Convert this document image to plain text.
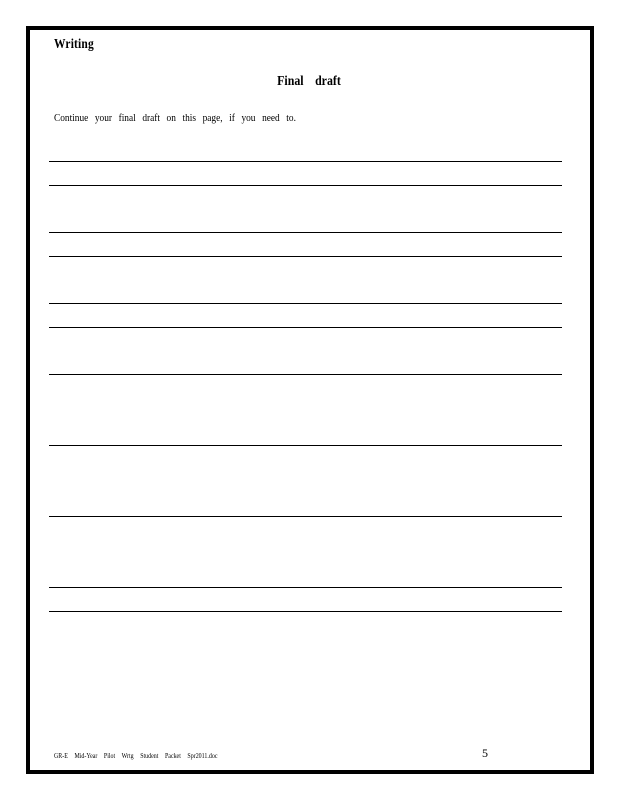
Writing
Final draft
Continue your final draft on this page, if you need to.
GR-E Mid-Year Pilot Wrtg Student Packet Spr2011.doc	5
